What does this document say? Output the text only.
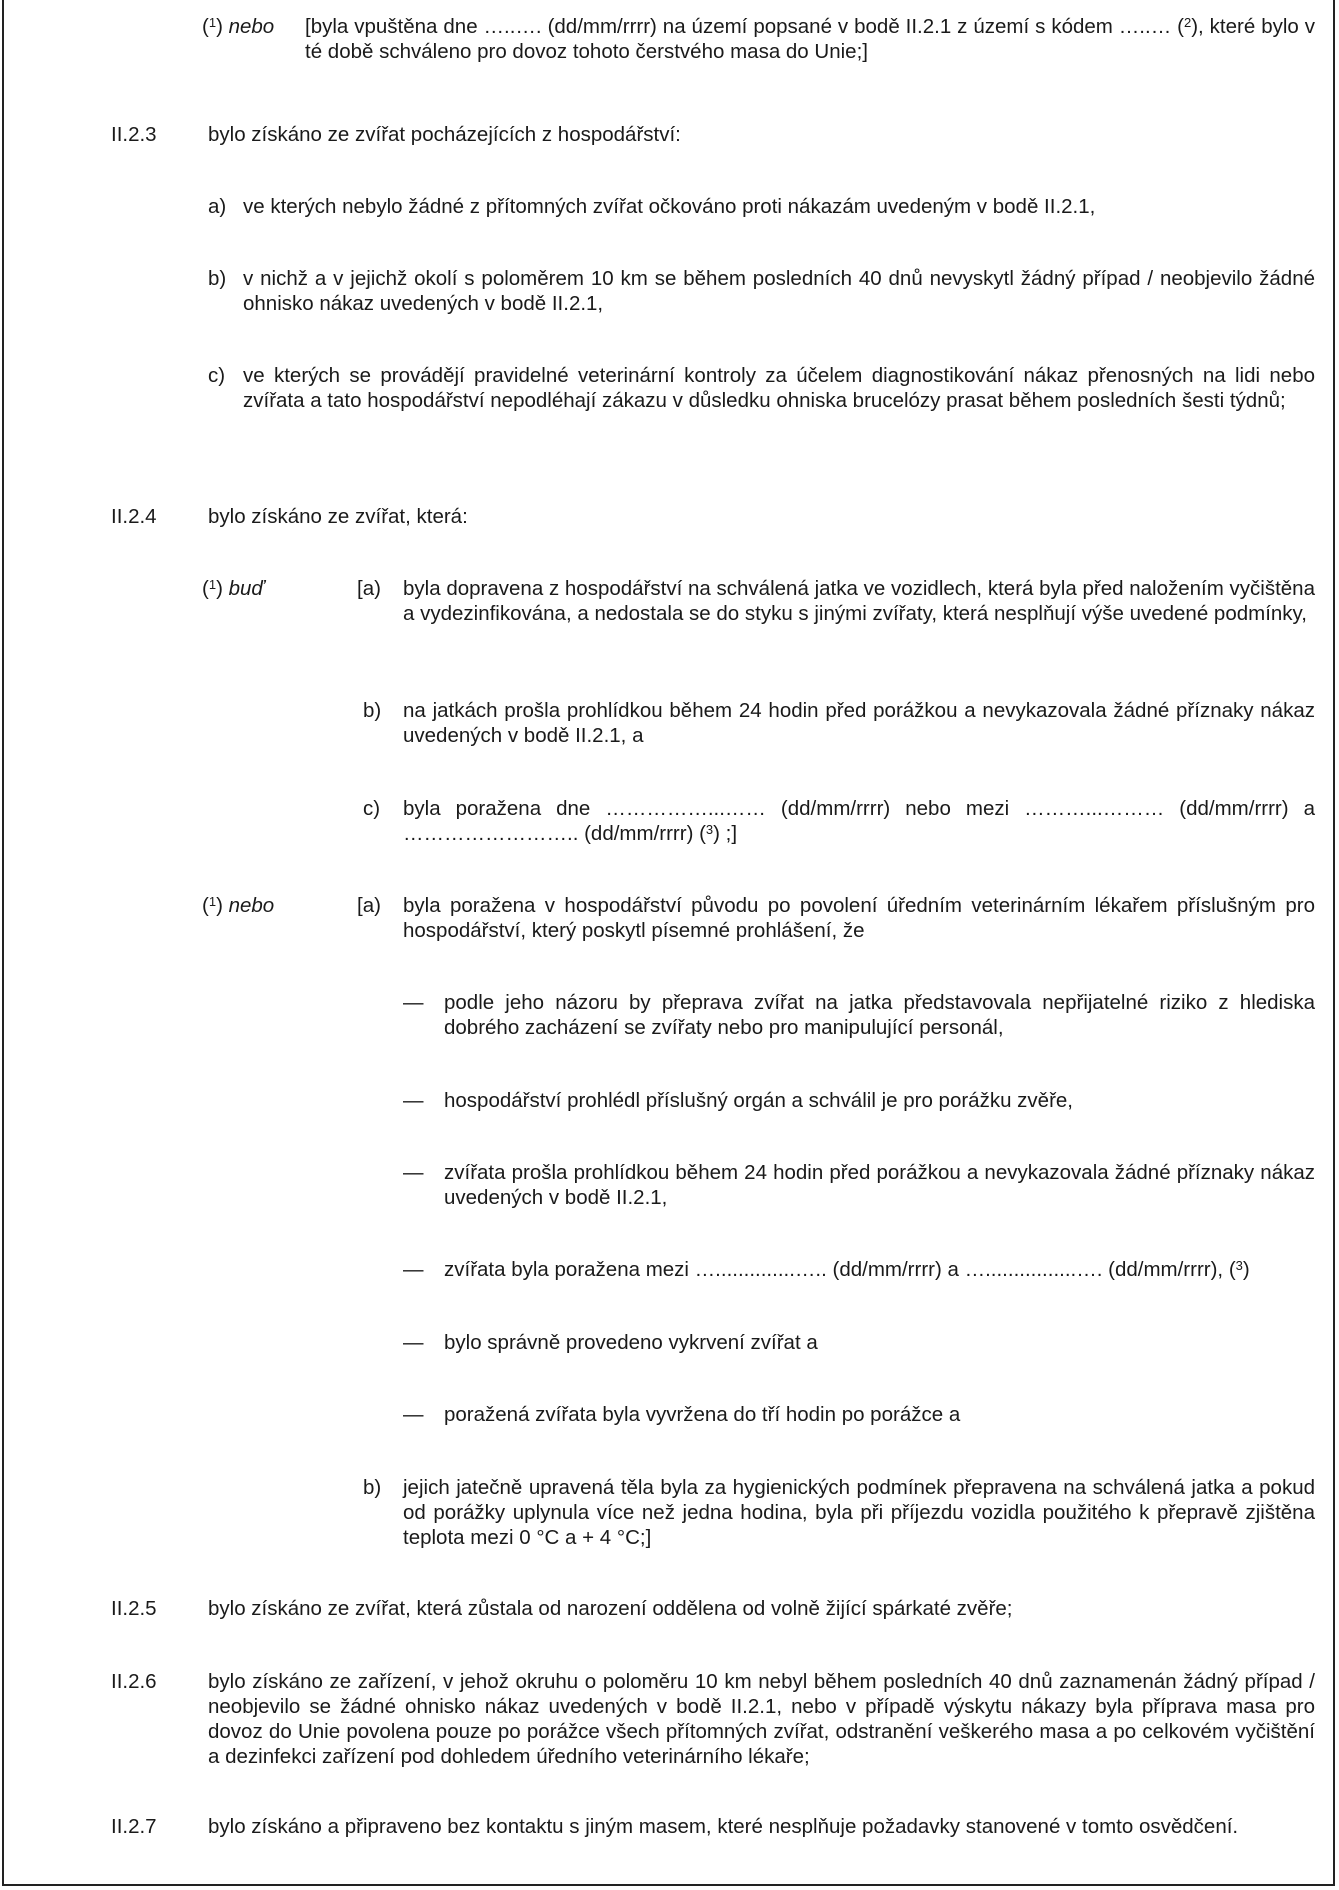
($^1$) nebo [byla vpuštěna dne …..…. (dd/mm/rrrr) na území popsané v bodě II.2.1 z území s kódem …..… ($^2$), které bylo v té době schváleno pro dovoz tohoto čerstvého masa do Unie;]

II.2.3	bylo získáno ze zvířat pocházejících z hospodářství:

a) ve kterých nebylo žádné z přítomných zvířat očkováno proti nákazám uvedeným v bodě II.2.1,

b) v nichž a v jejichž okolí s poloměrem 10 km se během posledních 40 dnů nevyskytl žádný případ / neobjevilo žádné ohnisko nákaz uvedených v bodě II.2.1,

c) ve kterých se provádějí pravidelné veterinární kontroly za účelem diagnostikování nákaz přenosných na lidi nebo zvířata a tato hospodářství nepodléhají zákazu v důsledku ohniska brucelózy prasat během posledních šesti týdnů;

II.2.4	bylo získáno ze zvířat, která:

($^1$) buď	[a) byla dopravena z hospodářství na schválená jatka ve vozidlech, která byla před naložením vyčištěna a vydezinfikována, a nedostala se do styku s jinými zvířaty, která nesplňují výše uvedené podmínky,

b) na jatkách prošla prohlídkou během 24 hodin před porážkou a nevykazovala žádné příznaky nákaz uvedených v bodě II.2.1, a

c) byla poražena dne ……………...…… (dd/mm/rrrr) nebo mezi ………...……… (dd/mm/rrrr) a …………………….. (dd/mm/rrrr) ($^3$) ;]

($^1$) nebo	[a) byla poražena v hospodářství původu po povolení úředním veterinárním lékařem příslušným pro hospodářství, který poskytl písemné prohlášení, že

— podle jeho názoru by přeprava zvířat na jatka představovala nepřijatelné riziko z hlediska dobrého zacházení se zvířaty nebo pro manipulující personál,

— hospodářství prohlédl příslušný orgán a schválil je pro porážku zvěře,

— zvířata prošla prohlídkou během 24 hodin před porážkou a nevykazovala žádné příznaky nákaz uvedených v bodě II.2.1,

— zvířata byla poražena mezi …..............….. (dd/mm/rrrr) a …................…. (dd/mm/rrrr), ($^3$)

— bylo správně provedeno vykrvení zvířat a

— poražená zvířata byla vyvržena do tří hodin po porážce a

b) jejich jatečně upravená těla byla za hygienických podmínek přepravena na schválená jatka a pokud od porážky uplynula více než jedna hodina, byla při příjezdu vozidla použitého k přepravě zjištěna teplota mezi 0 °C a + 4 °C;]

II.2.5	bylo získáno ze zvířat, která zůstala od narození oddělena od volně žijící spárkaté zvěře;

II.2.6	bylo získáno ze zařízení, v jehož okruhu o poloměru 10 km nebyl během posledních 40 dnů zaznamenán žádný případ / neobjevilo se žádné ohnisko nákaz uvedených v bodě II.2.1, nebo v případě výskytu nákazy byla příprava masa pro dovoz do Unie povolena pouze po porážce všech přítomných zvířat, odstranění veškerého masa a po celkovém vyčištění a dezinfekci zařízení pod dohledem úředního veterinárního lékaře;

II.2.7	bylo získáno a připraveno bez kontaktu s jiným masem, které nesplňuje požadavky stanovené v tomto osvědčení.
